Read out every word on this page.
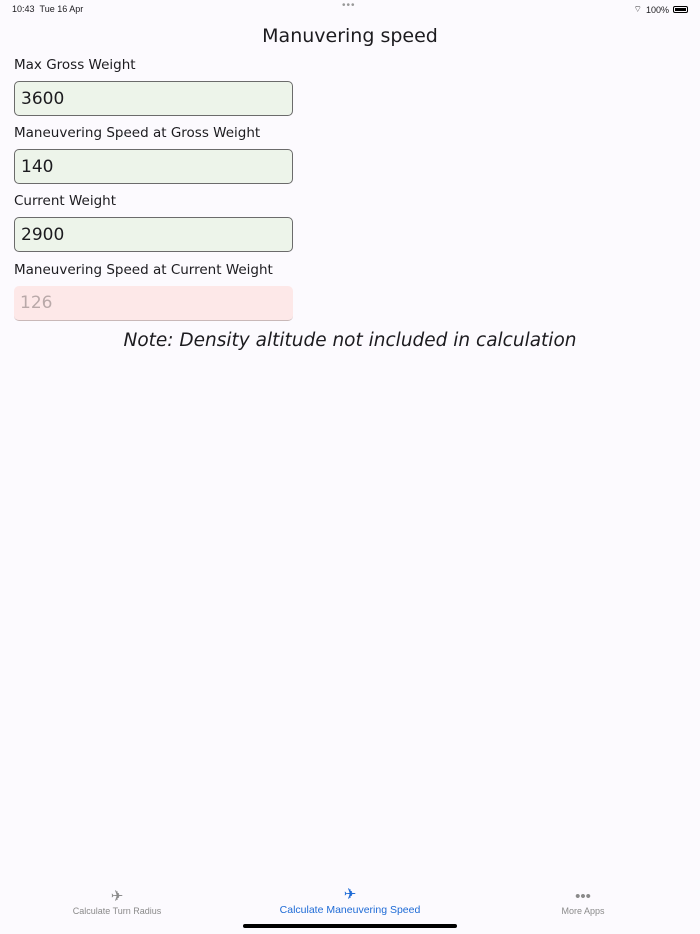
10:43 Tue 16 Apr	•••	⌔ 100%
Manuvering speed
Max Gross Weight
3600
Maneuvering Speed at Gross Weight
140
Current Weight
2900
Maneuvering Speed at Current Weight
126
Note: Density altitude not included in calculation
✈
Calculate Turn Radius
✈
Calculate Maneuvering Speed
•••
More Apps
